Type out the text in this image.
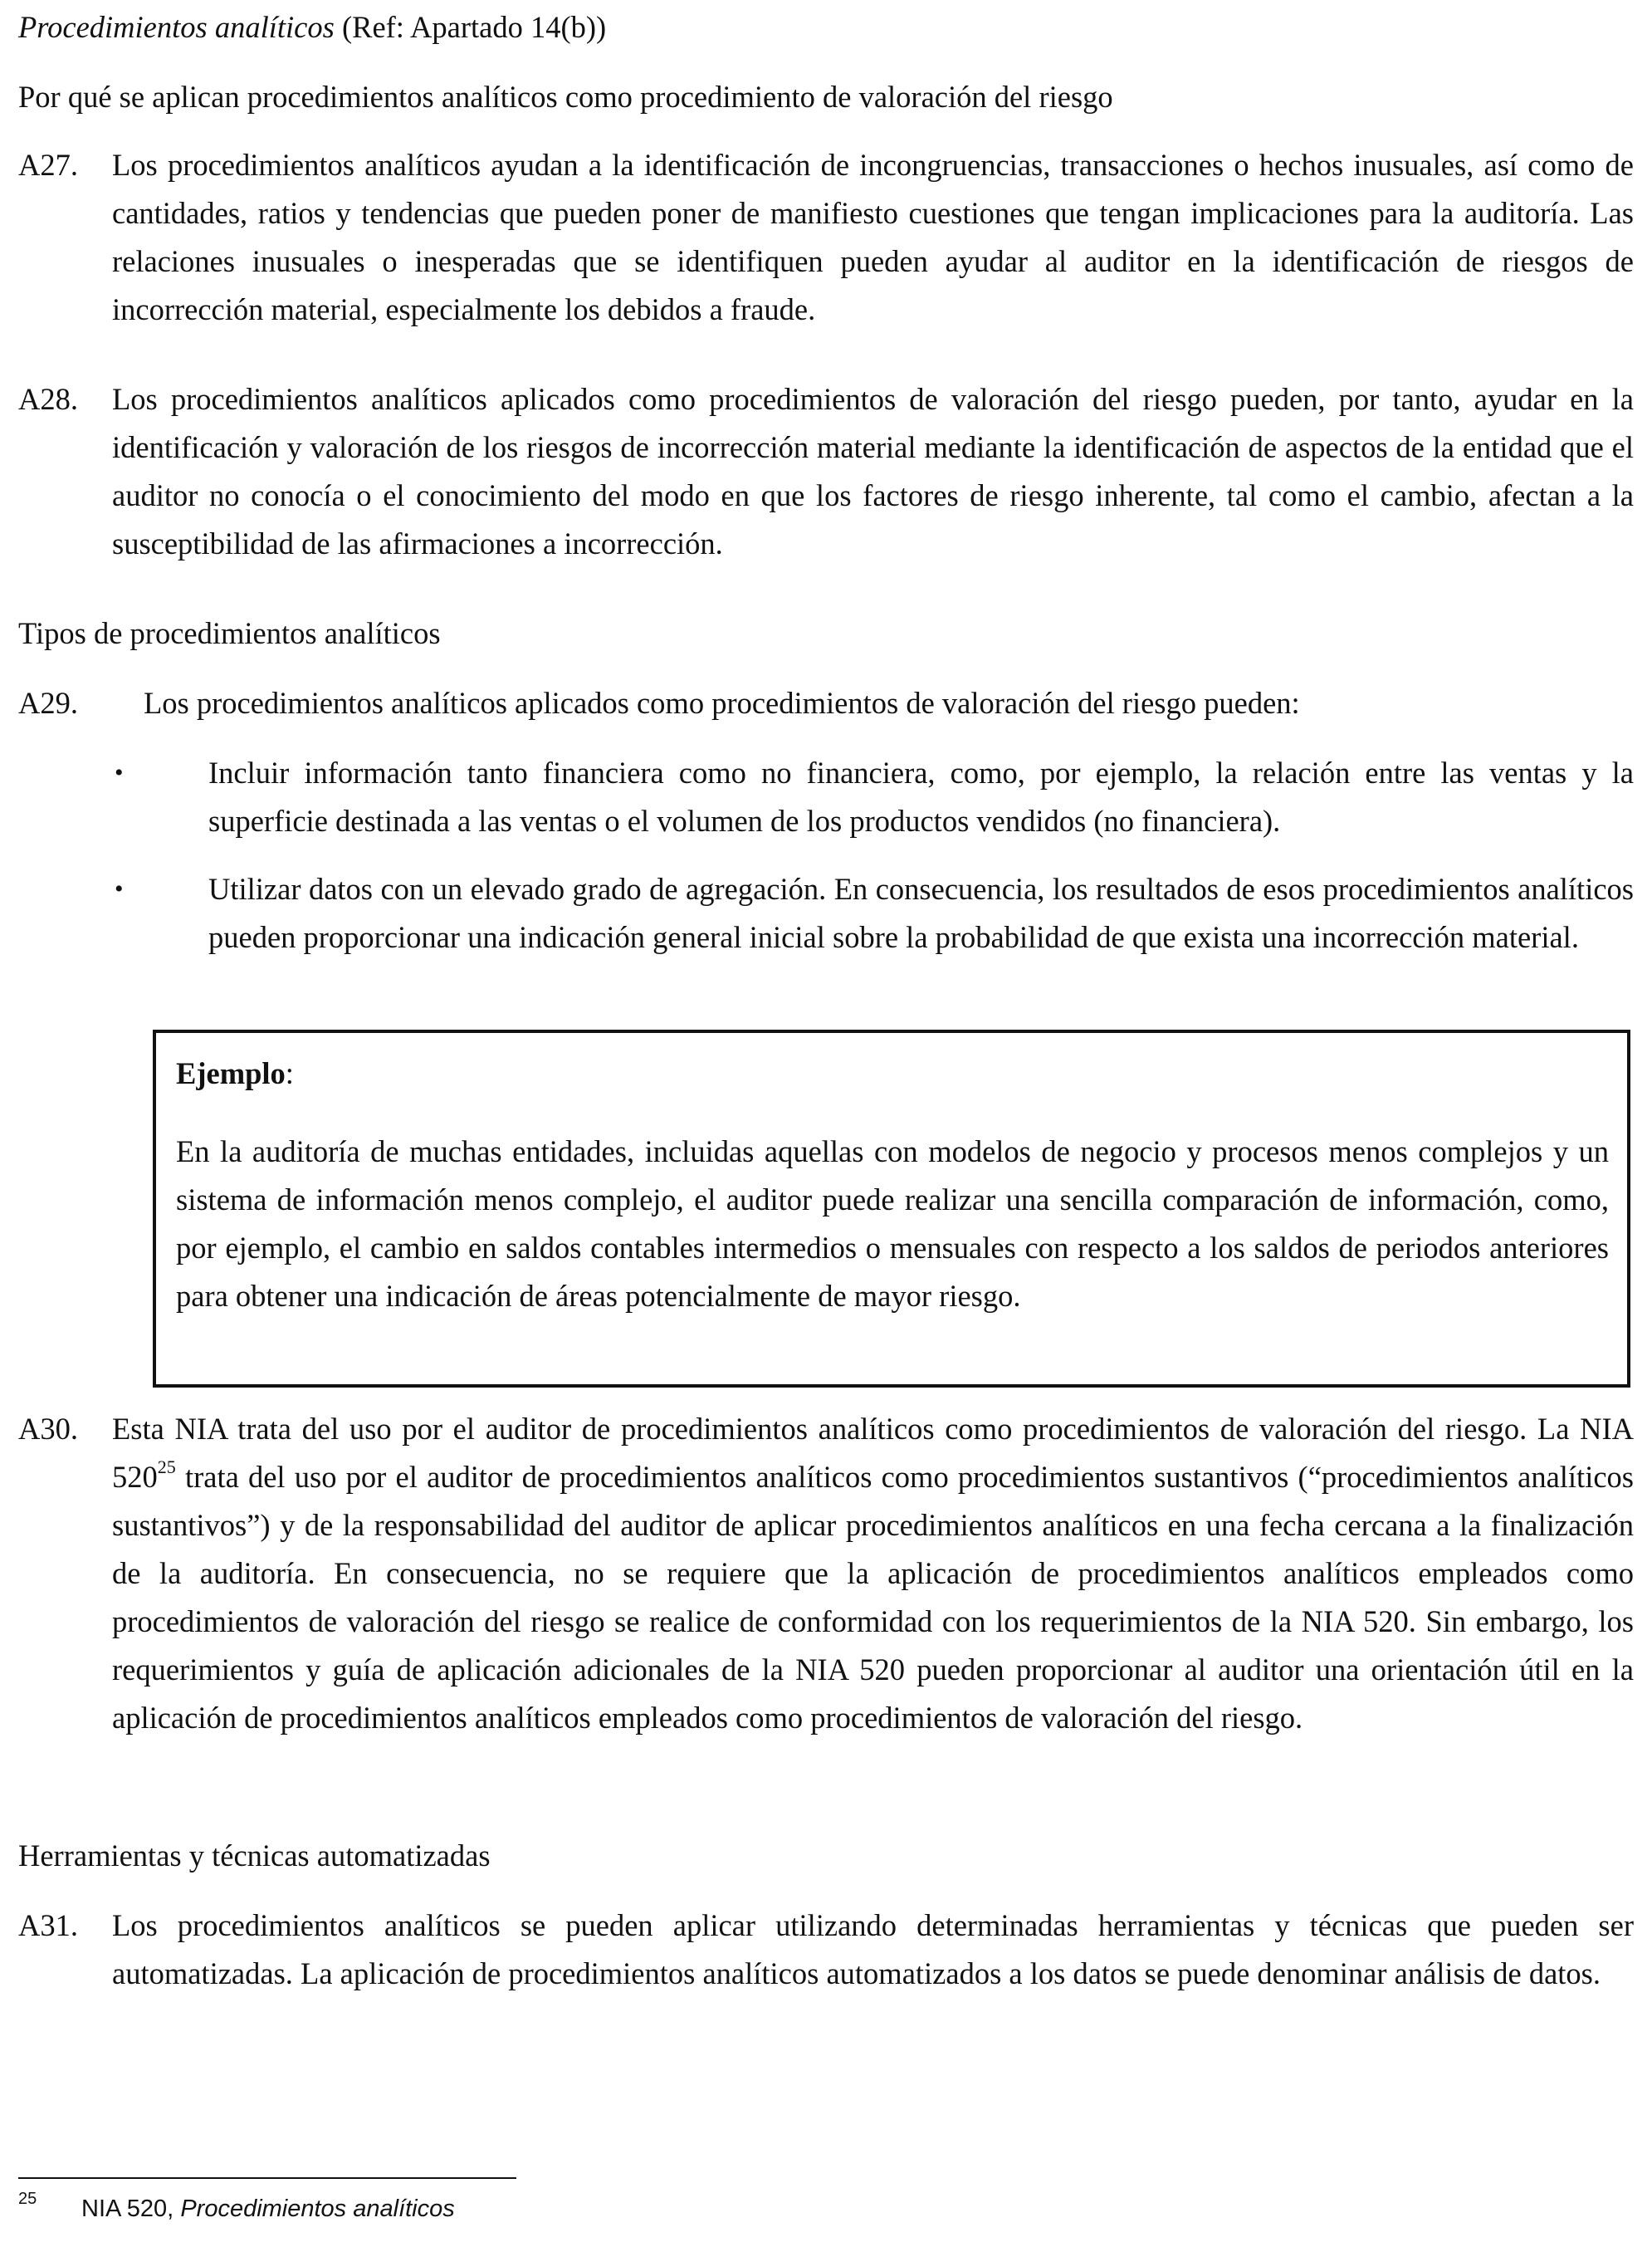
Procedimientos analíticos (Ref: Apartado 14(b))

Por qué se aplican procedimientos analíticos como procedimiento de valoración del riesgo

A27. Los procedimientos analíticos ayudan a la identificación de incongruencias, transacciones o hechos inusuales, así como de cantidades, ratios y tendencias que pueden poner de manifiesto cuestiones que tengan implicaciones para la auditoría. Las relaciones inusuales o inesperadas que se identifiquen pueden ayudar al auditor en la identificación de riesgos de incorrección material, especialmente los debidos a fraude.

A28. Los procedimientos analíticos aplicados como procedimientos de valoración del riesgo pueden, por tanto, ayudar en la identificación y valoración de los riesgos de incorrección material mediante la identificación de aspectos de la entidad que el auditor no conocía o el conocimiento del modo en que los factores de riesgo inherente, tal como el cambio, afectan a la susceptibilidad de las afirmaciones a incorrección.

Tipos de procedimientos analíticos

A29. Los procedimientos analíticos aplicados como procedimientos de valoración del riesgo pueden:

•	Incluir información tanto financiera como no financiera, como, por ejemplo, la relación entre las ventas y la superficie destinada a las ventas o el volumen de los productos vendidos (no financiera).

•	Utilizar datos con un elevado grado de agregación. En consecuencia, los resultados de esos procedimientos analíticos pueden proporcionar una indicación general inicial sobre la probabilidad de que exista una incorrección material.

Ejemplo:

En la auditoría de muchas entidades, incluidas aquellas con modelos de negocio y procesos menos complejos y un sistema de información menos complejo, el auditor puede realizar una sencilla comparación de información, como, por ejemplo, el cambio en saldos contables intermedios o mensuales con respecto a los saldos de periodos anteriores para obtener una indicación de áreas potencialmente de mayor riesgo.

A30. Esta NIA trata del uso por el auditor de procedimientos analíticos como procedimientos de valoración del riesgo. La NIA $520^{25}$ trata del uso por el auditor de procedimientos analíticos como procedimientos sustantivos (“procedimientos analíticos sustantivos”) y de la responsabilidad del auditor de aplicar procedimientos analíticos en una fecha cercana a la finalización de la auditoría. En consecuencia, no se requiere que la aplicación de procedimientos analíticos empleados como procedimientos de valoración del riesgo se realice de conformidad con los requerimientos de la NIA 520. Sin embargo, los requerimientos y guía de aplicación adicionales de la NIA 520 pueden proporcionar al auditor una orientación útil en la aplicación de procedimientos analíticos empleados como procedimientos de valoración del riesgo.

Herramientas y técnicas automatizadas

A31. Los procedimientos analíticos se pueden aplicar utilizando determinadas herramientas y técnicas que pueden ser automatizadas. La aplicación de procedimientos analíticos automatizados a los datos se puede denominar análisis de datos.

25 NIA 520, Procedimientos analíticos
